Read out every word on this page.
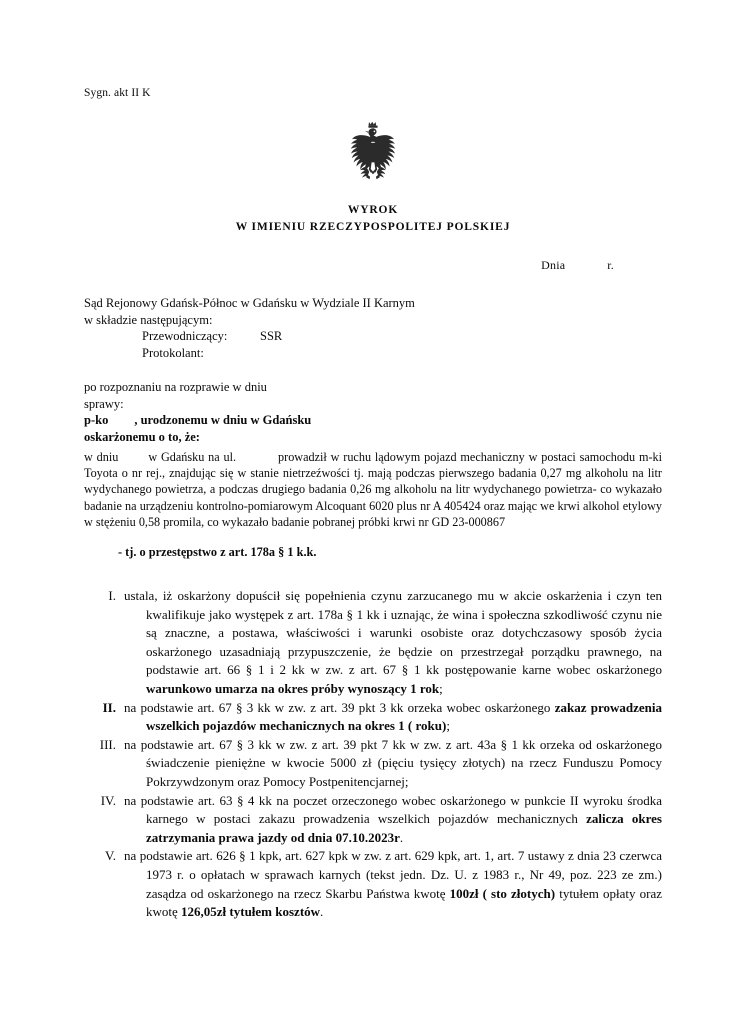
Sygn. akt II K
WYROK
W IMIENIU RZECZYPOSPOLITEJ POLSKIEJ
Dnia	r.
Sąd Rejonowy Gdańsk-Północ w Gdańsku w Wydziale II Karnym
w składzie następującym:
Przewodniczący:	SSR
Protokolant:
po rozpoznaniu na rozprawie w dniu
sprawy:
p-ko , urodzonemu w dniu w Gdańsku
oskarżonemu o to, że:

w dniu w Gdańsku na ul.	prowadził w ruchu lądowym pojazd mechaniczny w postaci samochodu m-ki Toyota o nr rej., znajdując się w stanie nietrzeźwości tj. mają podczas pierwszego badania 0,27 mg alkoholu na litr wydychanego powietrza, a podczas drugiego badania 0,26 mg alkoholu na litr wydychanego powietrza- co wykazało badanie na urządzeniu kontrolno-pomiarowym Alcoquant 6020 plus nr A 405424 oraz mając we krwi alkohol etylowy w stężeniu 0,58 promila, co wykazało badanie pobranej próbki krwi nr GD 23-000867

- tj. o przestępstwo z art. 178a § 1 k.k.
I. ustala, iż oskarżony dopuścił się popełnienia czynu zarzucanego mu w akcie oskarżenia i czyn ten kwalifikuje jako występek z art. 178a § 1 kk i uznając, że wina i społeczna szkodliwość czynu nie są znaczne, a postawa, właściwości i warunki osobiste oraz dotychczasowy sposób życia oskarżonego uzasadniają przypuszczenie, że będzie on przestrzegał porządku prawnego, na podstawie art. 66 § 1 i 2 kk w zw. z art. 67 § 1 kk postępowanie karne wobec oskarżonego warunkowo umarza na okres próby wynoszący 1 rok;
II. na podstawie art. 67 § 3 kk w zw. z art. 39 pkt 3 kk orzeka wobec oskarżonego zakaz prowadzenia wszelkich pojazdów mechanicznych na okres 1 ( roku);
III. na podstawie art. 67 § 3 kk w zw. z art. 39 pkt 7 kk w zw. z art. 43a § 1 kk orzeka od oskarżonego świadczenie pieniężne w kwocie 5000 zł (pięciu tysięcy złotych) na rzecz Funduszu Pomocy Pokrzywdzonym oraz Pomocy Postpenitencjarnej;
IV. na podstawie art. 63 § 4 kk na poczet orzeczonego wobec oskarżonego w punkcie II wyroku środka karnego w postaci zakazu prowadzenia wszelkich pojazdów mechanicznych zalicza okres zatrzymania prawa jazdy od dnia 07.10.2023r.
V. na podstawie art. 626 § 1 kpk, art. 627 kpk w zw. z art. 629 kpk, art. 1, art. 7 ustawy z dnia 23 czerwca 1973 r. o opłatach w sprawach karnych (tekst jedn. Dz. U. z 1983 r., Nr 49, poz. 223 ze zm.) zasądza od oskarżonego na rzecz Skarbu Państwa kwotę 100zł ( sto złotych) tytułem opłaty oraz kwotę 126,05zł tytułem kosztów.
